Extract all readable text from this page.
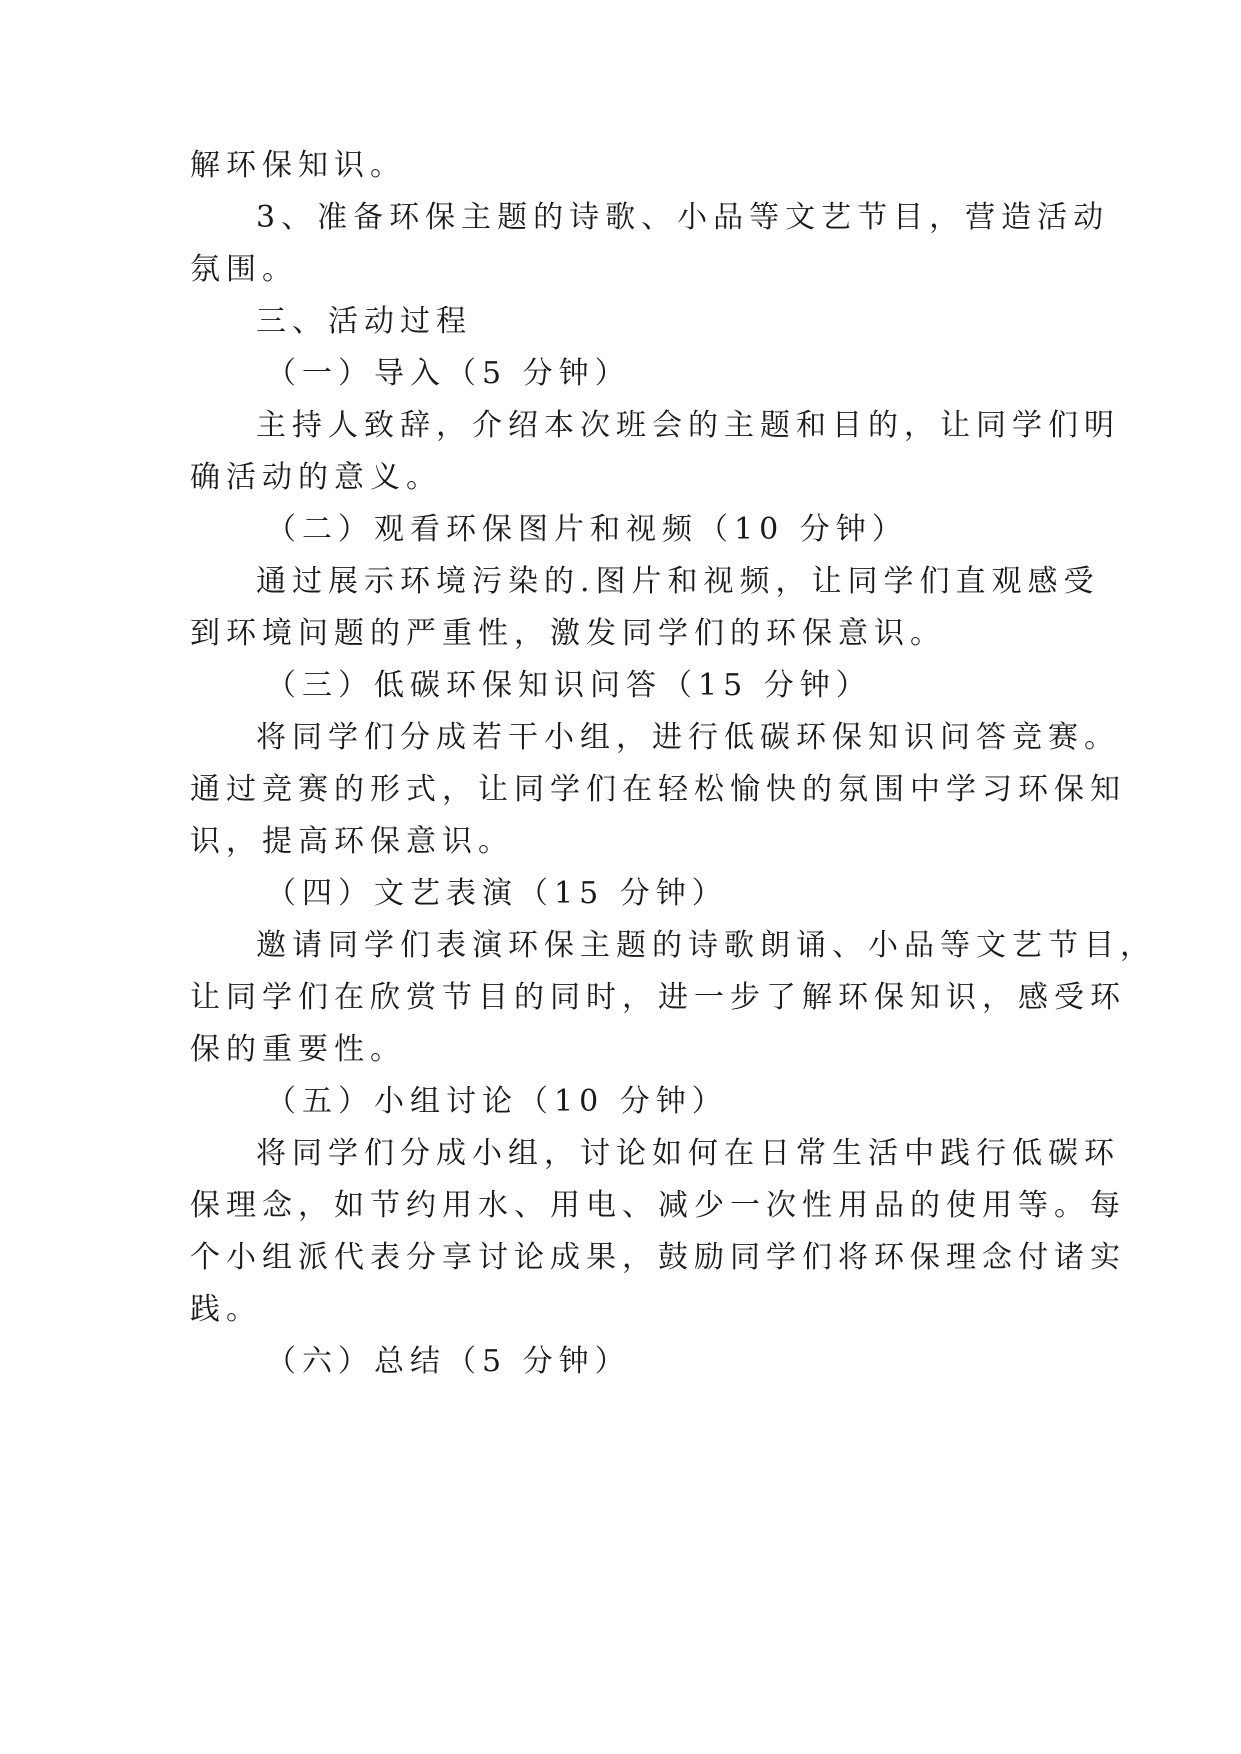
解环保知识。
3、准备环保主题的诗歌、小品等文艺节目，营造活动
氛围。
三、活动过程
（一）导入（5 分钟）
主持人致辞，介绍本次班会的主题和目的，让同学们明
确活动的意义。
（二）观看环保图片和视频（10 分钟）
通过展示环境污染的.图片和视频，让同学们直观感受
到环境问题的严重性，激发同学们的环保意识。
（三）低碳环保知识问答（15 分钟）
将同学们分成若干小组，进行低碳环保知识问答竞赛。
通过竞赛的形式，让同学们在轻松愉快的氛围中学习环保知
识，提高环保意识。
（四）文艺表演（15 分钟）
邀请同学们表演环保主题的诗歌朗诵、小品等文艺节目，
让同学们在欣赏节目的同时，进一步了解环保知识，感受环
保的重要性。
（五）小组讨论（10 分钟）
将同学们分成小组，讨论如何在日常生活中践行低碳环
保理念，如节约用水、用电、减少一次性用品的使用等。每
个小组派代表分享讨论成果，鼓励同学们将环保理念付诸实
践。
（六）总结（5 分钟）
